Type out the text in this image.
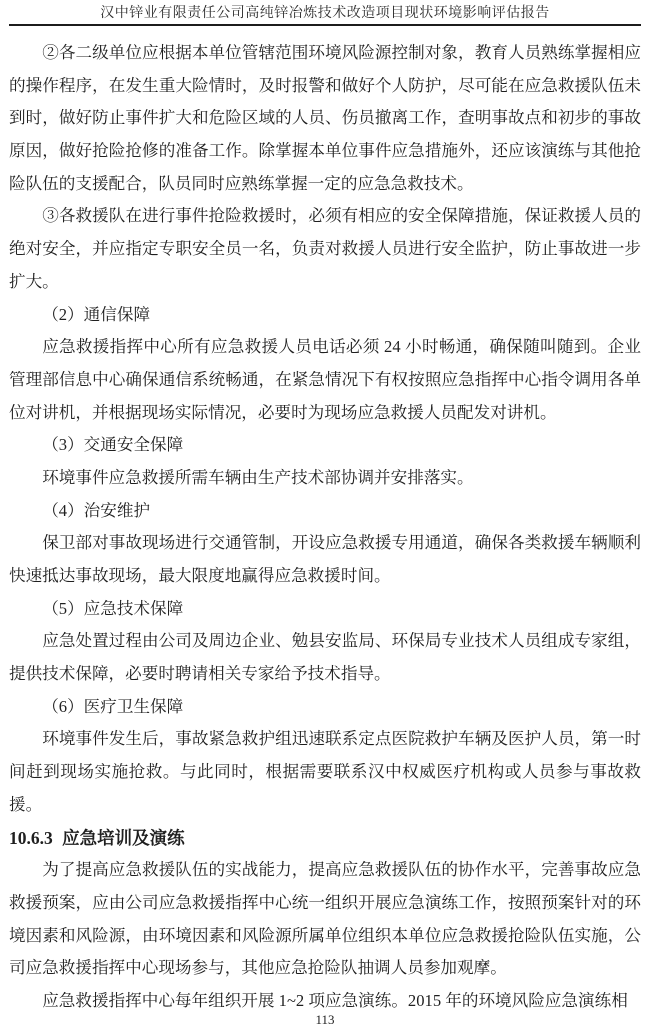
汉中锌业有限责任公司高纯锌冶炼技术改造项目现状环境影响评估报告

②各二级单位应根据本单位管辖范围环境风险源控制对象，教育人员熟练掌握相应的操作程序，在发生重大险情时，及时报警和做好个人防护，尽可能在应急救援队伍未到时，做好防止事件扩大和危险区域的人员、伤员撤离工作，查明事故点和初步的事故原因，做好抢险抢修的准备工作。除掌握本单位事件应急措施外，还应该演练与其他抢险队伍的支援配合，队员同时应熟练掌握一定的应急急救技术。

③各救援队在进行事件抢险救援时，必须有相应的安全保障措施，保证救援人员的绝对安全，并应指定专职安全员一名，负责对救援人员进行安全监护，防止事故进一步扩大。

（2）通信保障

应急救援指挥中心所有应急救援人员电话必须 24 小时畅通，确保随叫随到。企业管理部信息中心确保通信系统畅通，在紧急情况下有权按照应急指挥中心指令调用各单位对讲机，并根据现场实际情况，必要时为现场应急救援人员配发对讲机。

（3）交通安全保障

环境事件应急救援所需车辆由生产技术部协调并安排落实。

（4）治安维护

保卫部对事故现场进行交通管制，开设应急救援专用通道，确保各类救援车辆顺利快速抵达事故现场，最大限度地赢得应急救援时间。

（5）应急技术保障

应急处置过程由公司及周边企业、勉县安监局、环保局专业技术人员组成专家组，提供技术保障，必要时聘请相关专家给予技术指导。

（6）医疗卫生保障

环境事件发生后，事故紧急救护组迅速联系定点医院救护车辆及医护人员，第一时间赶到现场实施抢救。与此同时，根据需要联系汉中权威医疗机构或人员参与事故救援。

10.6.3 应急培训及演练

为了提高应急救援队伍的实战能力，提高应急救援队伍的协作水平，完善事故应急救援预案，应由公司应急救援指挥中心统一组织开展应急演练工作，按照预案针对的环境因素和风险源，由环境因素和风险源所属单位组织本单位应急救援抢险队伍实施，公司应急救援指挥中心现场参与，其他应急抢险队抽调人员参加观摩。

应急救援指挥中心每年组织开展 1~2 项应急演练。2015 年的环境风险应急演练相

113
